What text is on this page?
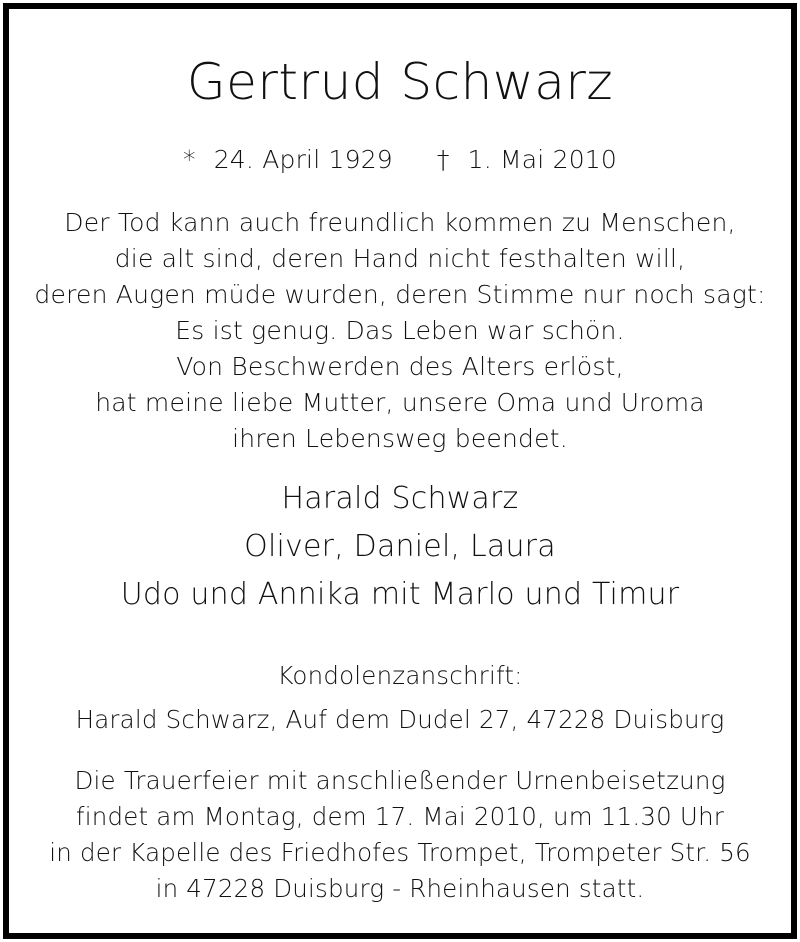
Gertrud Schwarz
* 24. April 1929 † 1. Mai 2010
Der Tod kann auch freundlich kommen zu Menschen,
die alt sind, deren Hand nicht festhalten will,
deren Augen müde wurden, deren Stimme nur noch sagt:
Es ist genug. Das Leben war schön.
Von Beschwerden des Alters erlöst,
hat meine liebe Mutter, unsere Oma und Uroma
ihren Lebensweg beendet.
Harald Schwarz
Oliver, Daniel, Laura
Udo und Annika mit Marlo und Timur
Kondolenzanschrift:
Harald Schwarz, Auf dem Dudel 27, 47228 Duisburg
Die Trauerfeier mit anschließender Urnenbeisetzung
findet am Montag, dem 17. Mai 2010, um 11.30 Uhr
in der Kapelle des Friedhofes Trompet, Trompeter Str. 56
in 47228 Duisburg - Rheinhausen statt.
